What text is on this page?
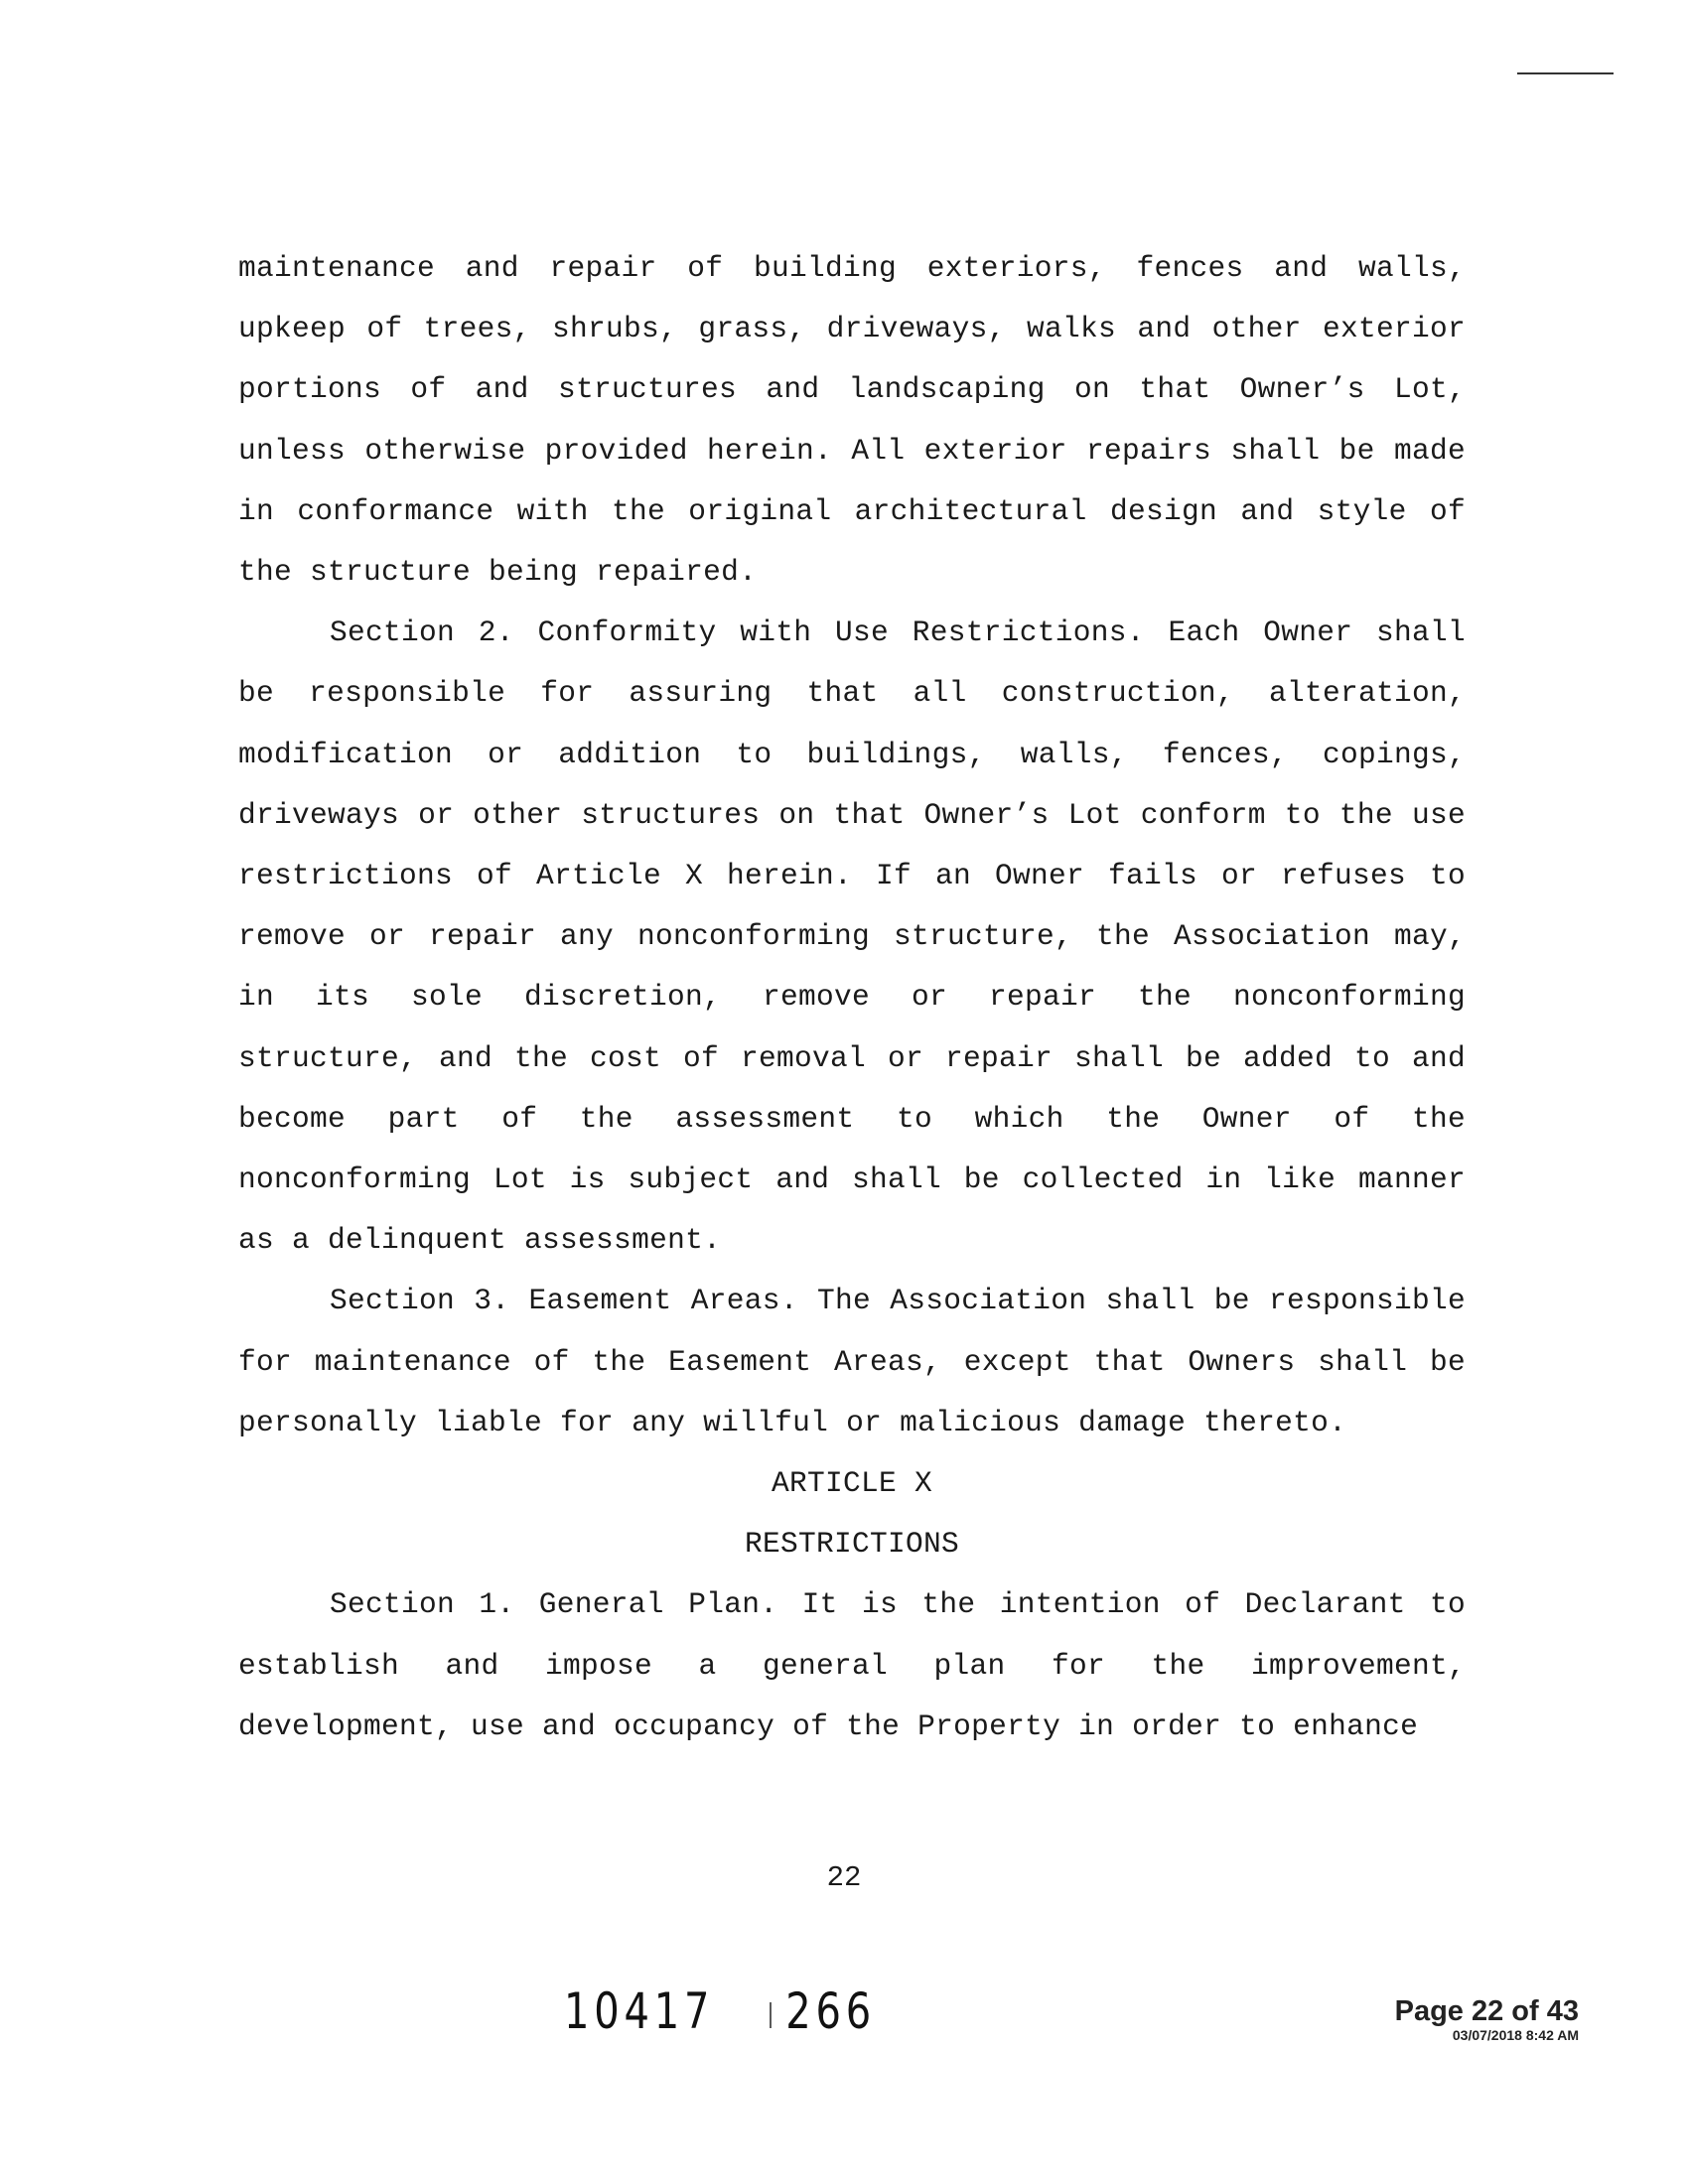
maintenance and repair of building exteriors, fences and walls, upkeep of trees, shrubs, grass, driveways, walks and other exterior portions of and structures and landscaping on that Owner’s Lot, unless otherwise provided herein. All exterior repairs shall be made in conformance with the original architectural design and style of the structure being repaired.

Section 2. Conformity with Use Restrictions. Each Owner shall be responsible for assuring that all construction, alteration, modification or addition to buildings, walls, fences, copings, driveways or other structures on that Owner’s Lot conform to the use restrictions of Article X herein. If an Owner fails or refuses to remove or repair any nonconforming structure, the Association may, in its sole discretion, remove or repair the nonconforming structure, and the cost of removal or repair shall be added to and become part of the assessment to which the Owner of the nonconforming Lot is subject and shall be collected in like manner as a delinquent assessment.

Section 3. Easement Areas. The Association shall be responsible for maintenance of the Easement Areas, except that Owners shall be personally liable for any willful or malicious damage thereto.

ARTICLE X

RESTRICTIONS

Section 1. General Plan. It is the intention of Declarant to establish and impose a general plan for the improvement, development, use and occupancy of the Property in order to enhance

22
10417 266	Page 22 of 43
03/07/2018 8:42 AM
